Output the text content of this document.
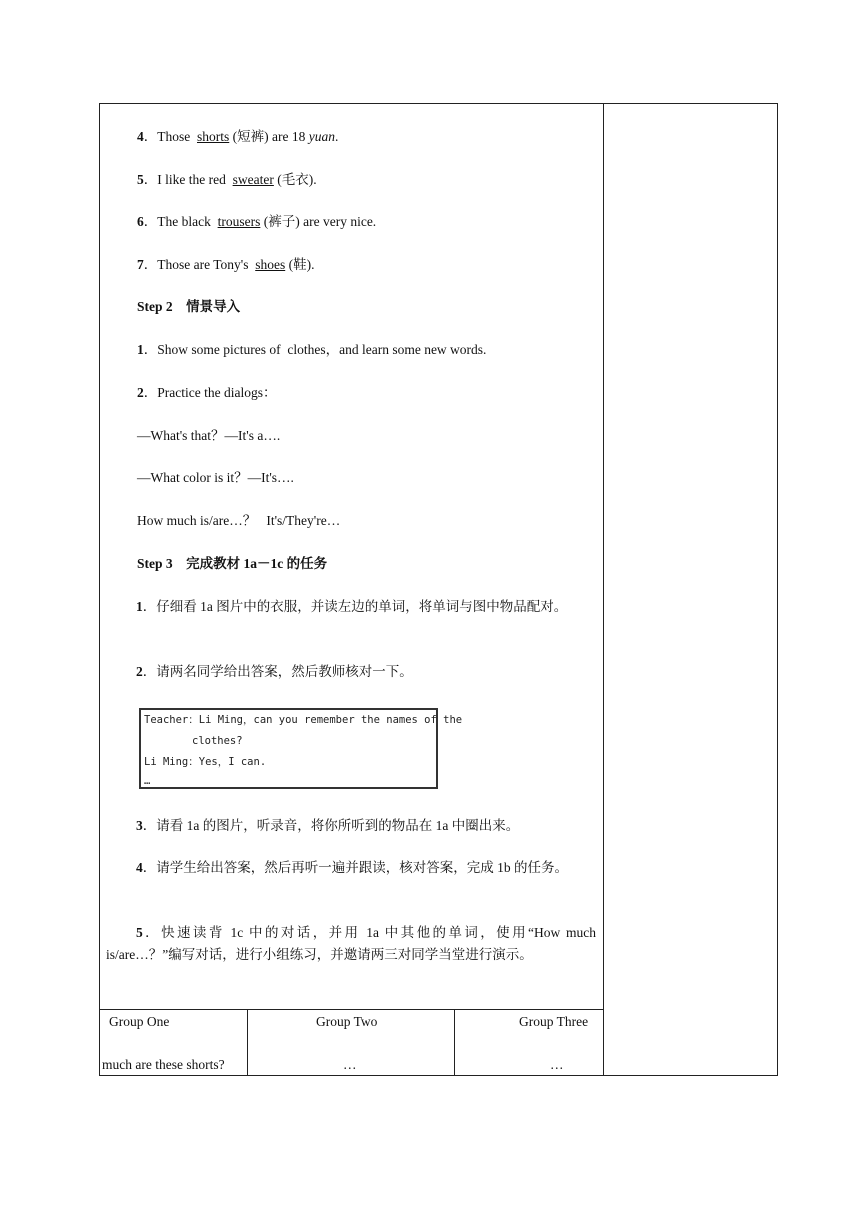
4．Those  shorts (短裤) are 18 yuan.
5．I like the red  sweater (毛衣).
6．The black  trousers (裤子) are very nice.
7．Those are Tony's  shoes (鞋).
Step 2　情景导入
1．Show some pictures of  clothes，and learn some new words.
2．Practice the dialogs：
—What's that？—It's a….
—What color is it？—It's….
How much is/are…？   It's/They're…
Step 3　完成教材 1a－1c 的任务
1．仔细看 1a 图片中的衣服，并读左边的单词，将单词与图中物品配对。
2．请两名同学给出答案，然后教师核对一下。
Teacher：Li Ming，can you remember the names of the
clothes?
Li Ming：Yes，I can.
…
3．请看 1a 的图片，听录音，将你所听到的物品在 1a 中圈出来。
4．请学生给出答案，然后再听一遍并跟读，核对答案，完成 1b 的任务。
5．快速读背 1c 中的对话，并用 1a 中其他的单词，使用“How much is/are…？”编写对话，进行小组练习，并邀请两三对同学当堂进行演示。
Group One
much are these shorts?
Group Two
…
Group Three
…
